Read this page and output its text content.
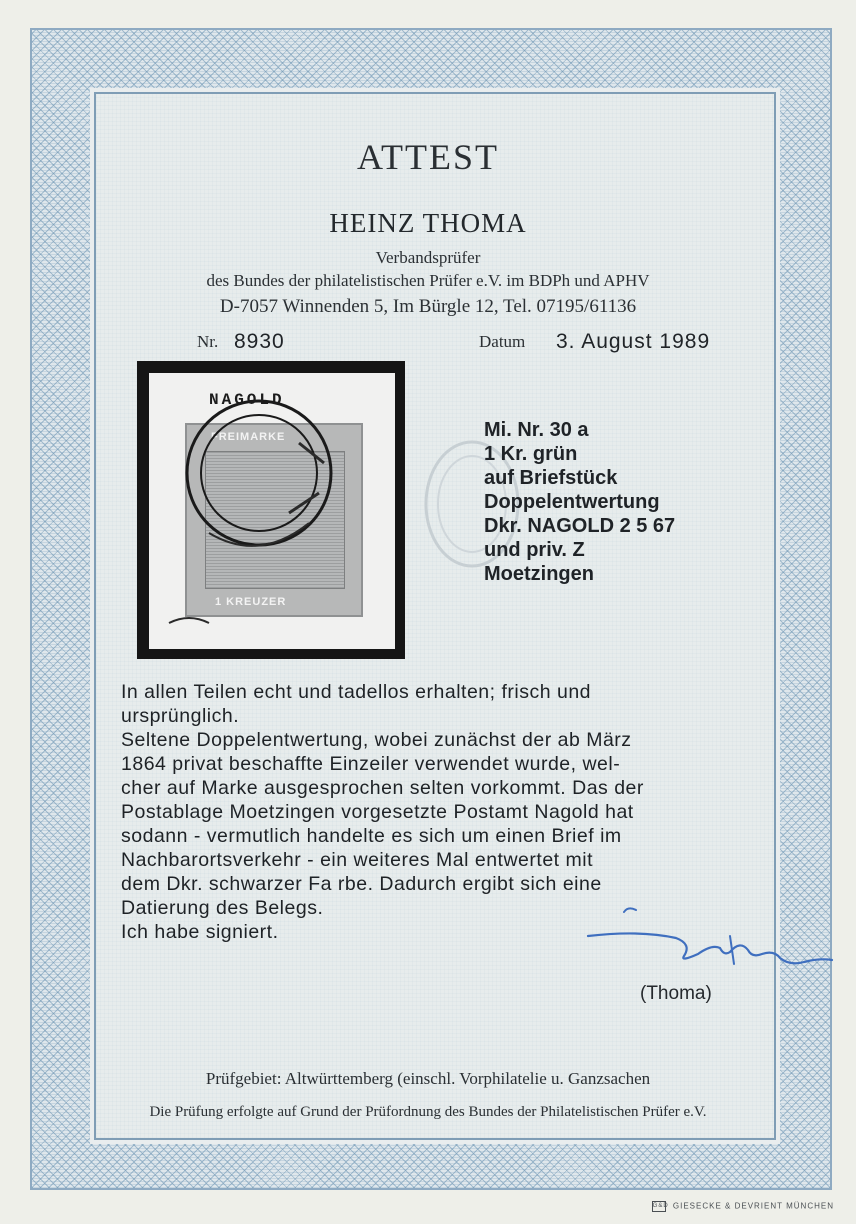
ATTEST
HEINZ THOMA
Verbandsprüfer
des Bundes der philatelistischen Prüfer e.V. im BDPh und APHV
D-7057 Winnenden 5, Im Bürgle 12, Tel. 07195/61136
Nr. 8930	Datum 3. August 1989
FREIMARKE
1 KREUZER
NAGOLD
Mi. Nr. 30 a
1 Kr. grün
auf Briefstück
Doppelentwertung
Dkr. NAGOLD 2 5 67
und priv. Z
Moetzingen
In allen Teilen echt und tadellos erhalten; frisch und
ursprünglich.
Seltene Doppelentwertung, wobei zunächst der ab März
1864 privat beschaffte Einzeiler verwendet wurde, wel-
cher auf Marke ausgesprochen selten vorkommt. Das der
Postablage Moetzingen vorgesetzte Postamt Nagold hat
sodann - vermutlich handelte es sich um einen Brief im
Nachbarortsverkehr - ein weiteres Mal entwertet mit
dem Dkr. schwarzer Fa rbe. Dadurch ergibt sich eine
Datierung des Belegs.
Ich habe signiert.
(Thoma)
Prüfgebiet: Altwürttemberg (einschl. Vorphilatelie u. Ganzsachen
Die Prüfung erfolgte auf Grund der Prüfordnung des Bundes der Philatelistischen Prüfer e.V.
G&D GIESECKE & DEVRIENT MÜNCHEN
